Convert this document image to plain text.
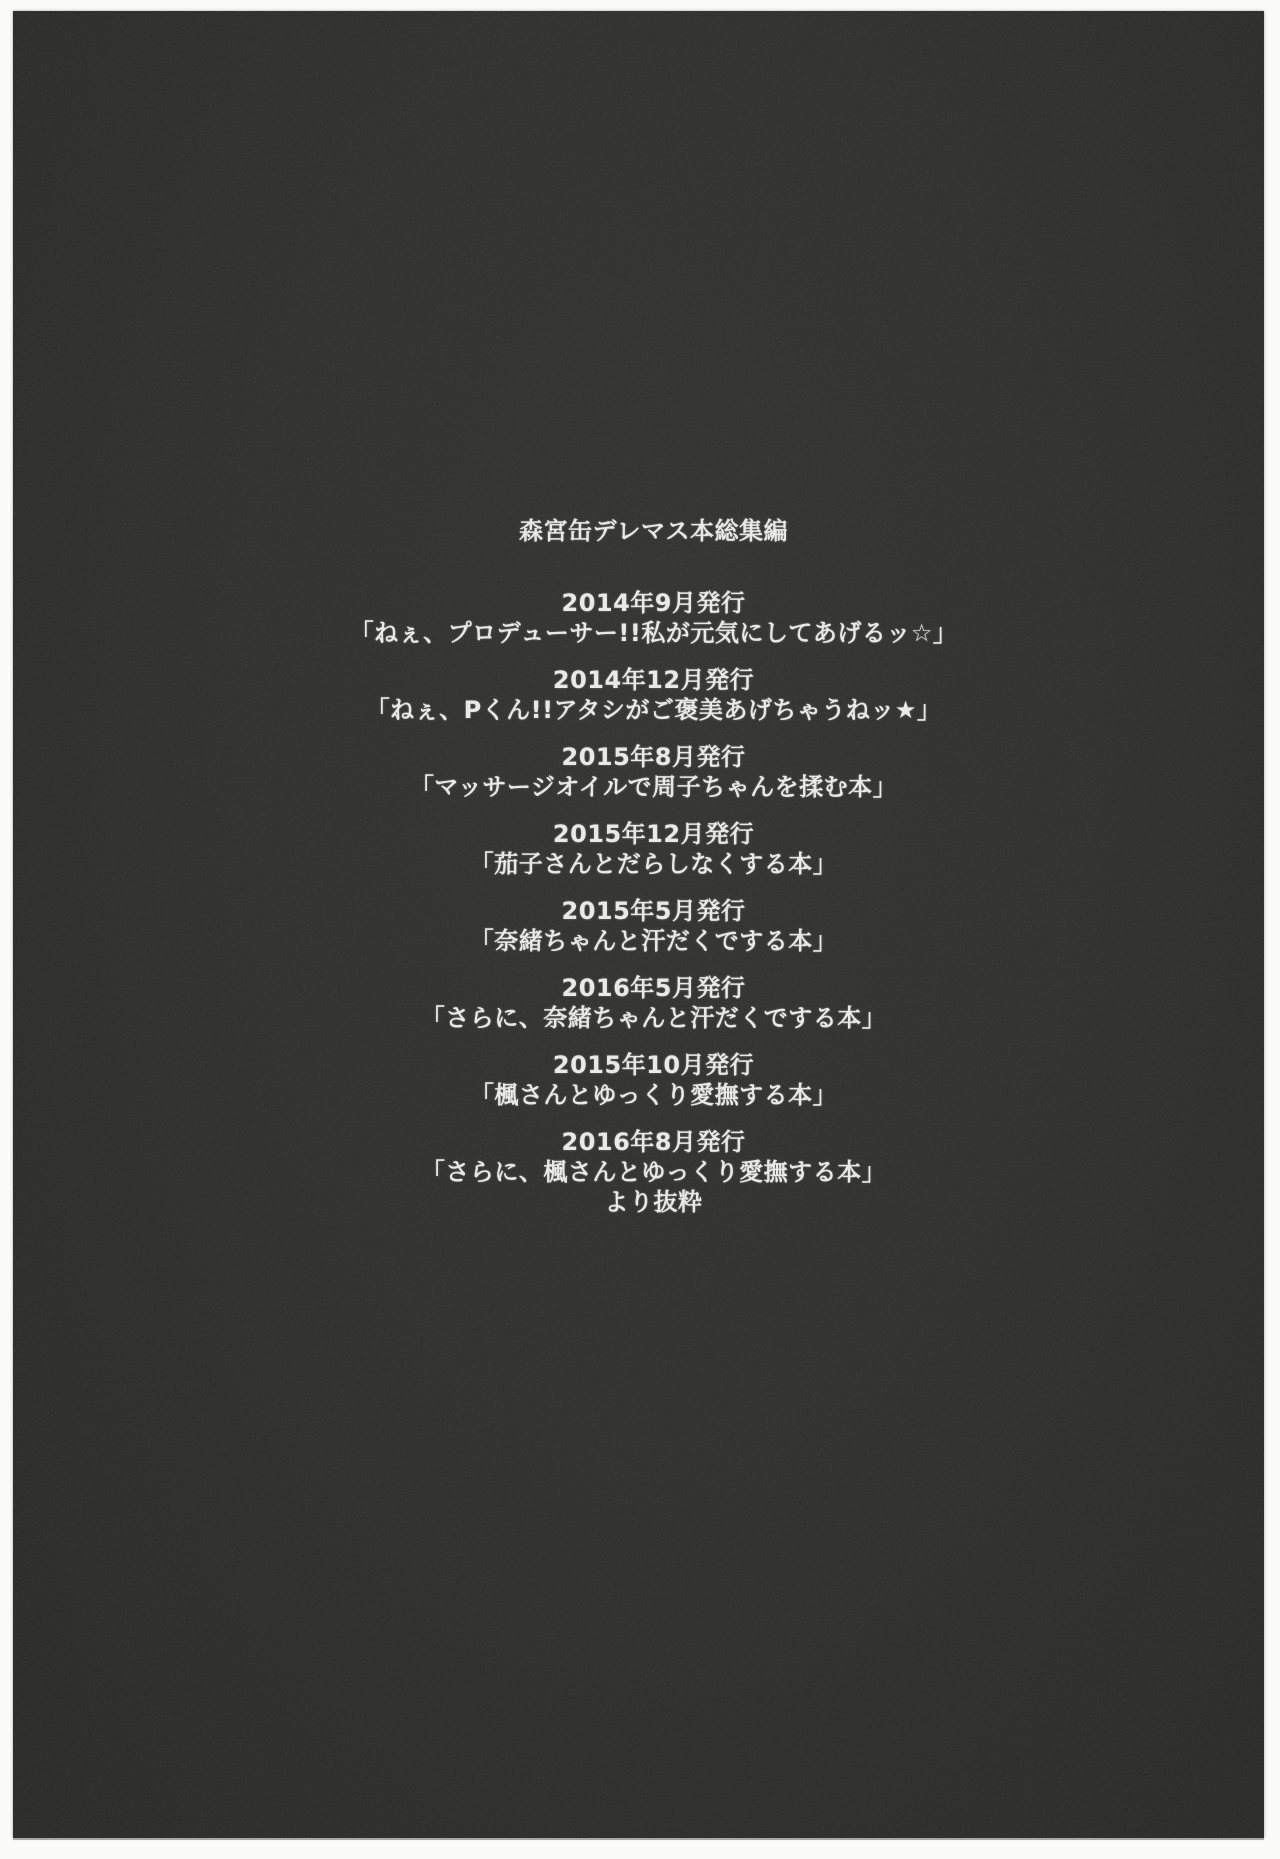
森宮缶デレマス本総集編

2014年9月発行

「ねぇ、プロデューサー!!私が元気にしてあげるッ☆」

2014年12月発行

「ねぇ、Pくん!!アタシがご褒美あげちゃうねッ★」

2015年8月発行

「マッサージオイルで周子ちゃんを揉む本」

2015年12月発行

「茄子さんとだらしなくする本」

2015年5月発行

「奈緒ちゃんと汗だくでする本」

2016年5月発行

「さらに、奈緒ちゃんと汗だくでする本」

2015年10月発行

「楓さんとゆっくり愛撫する本」

2016年8月発行

「さらに、楓さんとゆっくり愛撫する本」

より抜粋
